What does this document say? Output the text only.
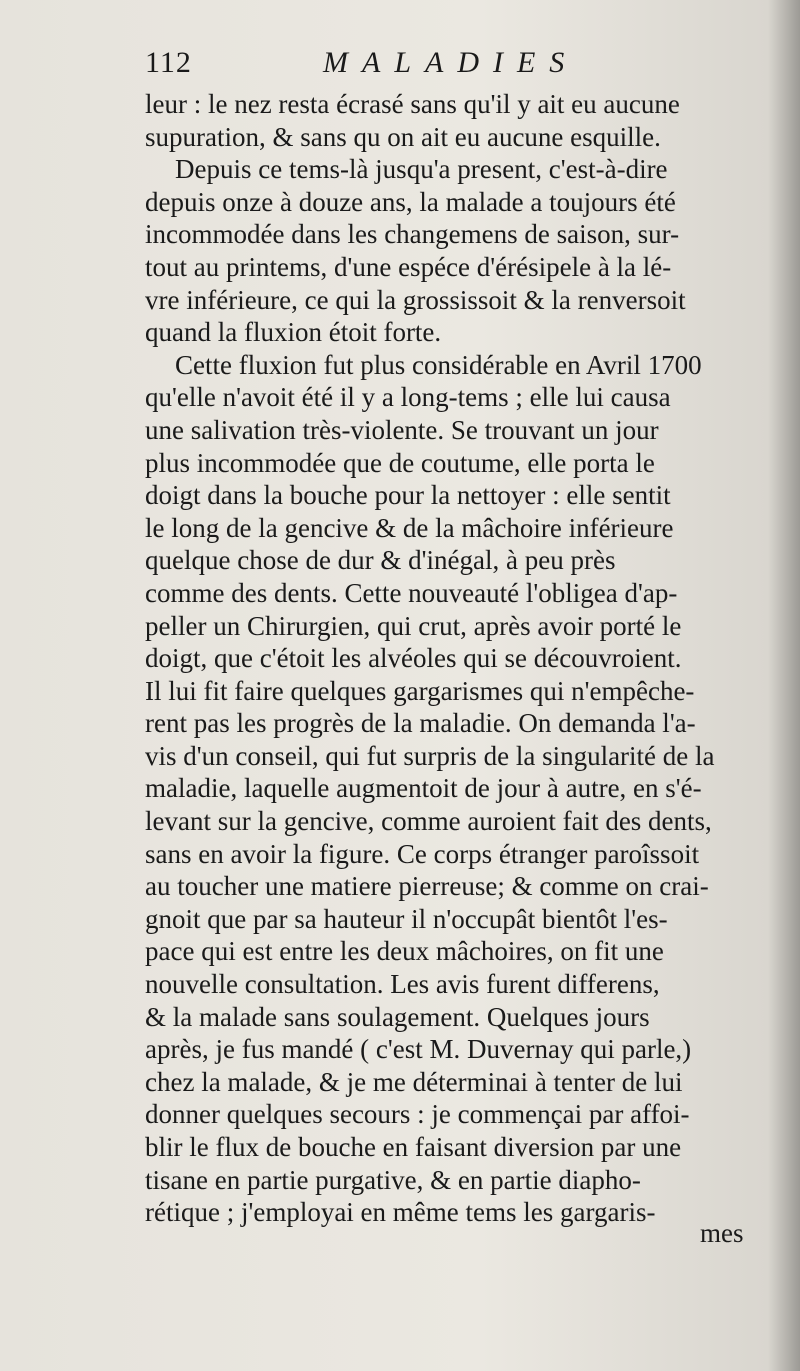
112	MALADIES
leur : le nez resta écrasé sans qu'il y ait eu aucune
supuration, & sans qu on ait eu aucune esquille.
Depuis ce tems-là jusqu'a present, c'est-à-dire
depuis onze à douze ans, la malade a toujours été
incommodée dans les changemens de saison, sur-
tout au printems, d'une espéce d'érésipele à la lé-
vre inférieure, ce qui la grossissoit & la renversoit
quand la fluxion étoit forte.
Cette fluxion fut plus considérable en Avril 1700
qu'elle n'avoit été il y a long-tems ; elle lui causa
une salivation très-violente. Se trouvant un jour
plus incommodée que de coutume, elle porta le
doigt dans la bouche pour la nettoyer : elle sentit
le long de la gencive & de la mâchoire inférieure
quelque chose de dur & d'inégal, à peu près
comme des dents. Cette nouveauté l'obligea d'ap-
peller un Chirurgien, qui crut, après avoir porté le
doigt, que c'étoit les alvéoles qui se découvroient.
Il lui fit faire quelques gargarismes qui n'empêche-
rent pas les progrès de la maladie. On demanda l'a-
vis d'un conseil, qui fut surpris de la singularité de la
maladie, laquelle augmentoit de jour à autre, en s'é-
levant sur la gencive, comme auroient fait des dents,
sans en avoir la figure. Ce corps étranger paroîssoit
au toucher une matiere pierreuse; & comme on crai-
gnoit que par sa hauteur il n'occupât bientôt l'es-
pace qui est entre les deux mâchoires, on fit une
nouvelle consultation. Les avis furent differens,
& la malade sans soulagement. Quelques jours
après, je fus mandé ( c'est M. Duvernay qui parle,)
chez la malade, & je me déterminai à tenter de lui
donner quelques secours : je commençai par affoi-
blir le flux de bouche en faisant diversion par une
tisane en partie purgative, & en partie diapho-
rétique ; j'employai en même tems les gargaris-
mes
